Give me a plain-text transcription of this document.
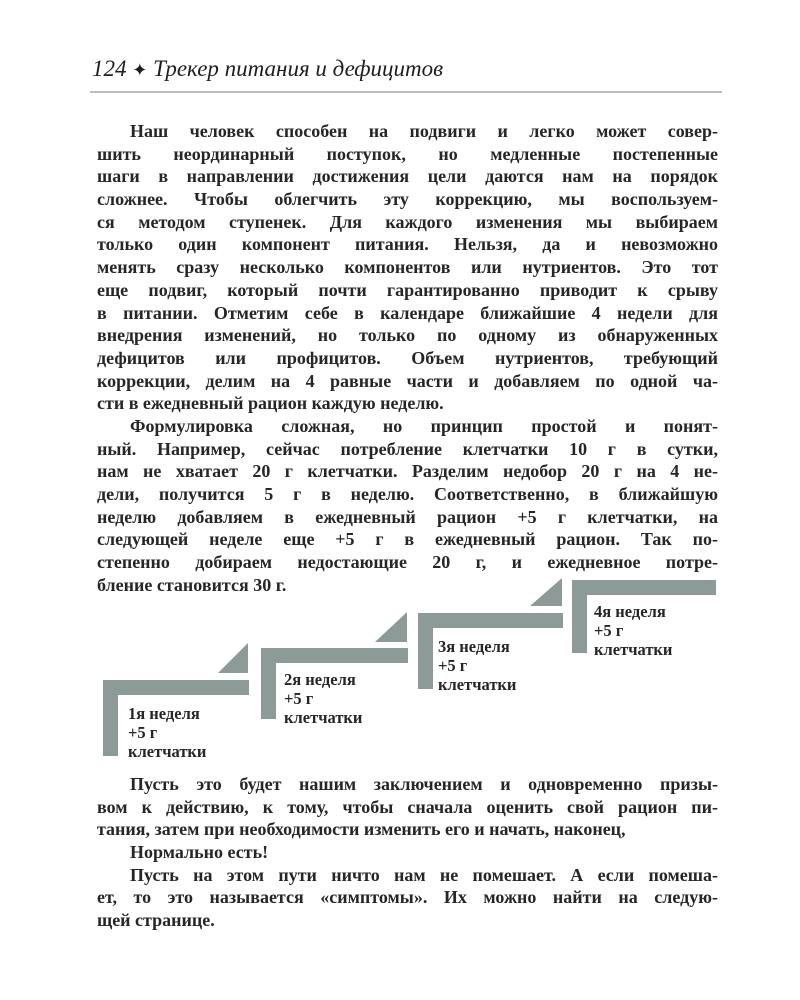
124 ✦ Трекер питания и дефицитов
Наш человек способен на подвиги и легко может совер-
шить неординарный поступок, но медленные постепенные
шаги в направлении достижения цели даются нам на порядок
сложнее. Чтобы облегчить эту коррекцию, мы воспользуем-
ся методом ступенек. Для каждого изменения мы выбираем
только один компонент питания. Нельзя, да и невозможно
менять сразу несколько компонентов или нутриентов. Это тот
еще подвиг, который почти гарантированно приводит к срыву
в питании. Отметим себе в календаре ближайшие 4 недели для
внедрения изменений, но только по одному из обнаруженных
дефицитов или профицитов. Объем нутриентов, требующий
коррекции, делим на 4 равные части и добавляем по одной ча-
сти в ежедневный рацион каждую неделю.
Формулировка сложная, но принцип простой и понят-
ный. Например, сейчас потребление клетчатки 10 г в сутки,
нам не хватает 20 г клетчатки. Разделим недобор 20 г на 4 не-
дели, получится 5 г в неделю. Соответственно, в ближайшую
неделю добавляем в ежедневный рацион +5 г клетчатки, на
следующей неделе еще +5 г в ежедневный рацион. Так по-
степенно добираем недостающие 20 г, и ежедневное потре-
бление становится 30 г.
1я неделя
+5 г
клетчатки
2я неделя
+5 г
клетчатки
3я неделя
+5 г
клетчатки
4я неделя
+5 г
клетчатки
Пусть это будет нашим заключением и одновременно призы-
вом к действию, к тому, чтобы сначала оценить свой рацион пи-
тания, затем при необходимости изменить его и начать, наконец,
Нормально есть!
Пусть на этом пути ничто нам не помешает. А если помеша-
ет, то это называется «симптомы». Их можно найти на следую-
щей странице.
